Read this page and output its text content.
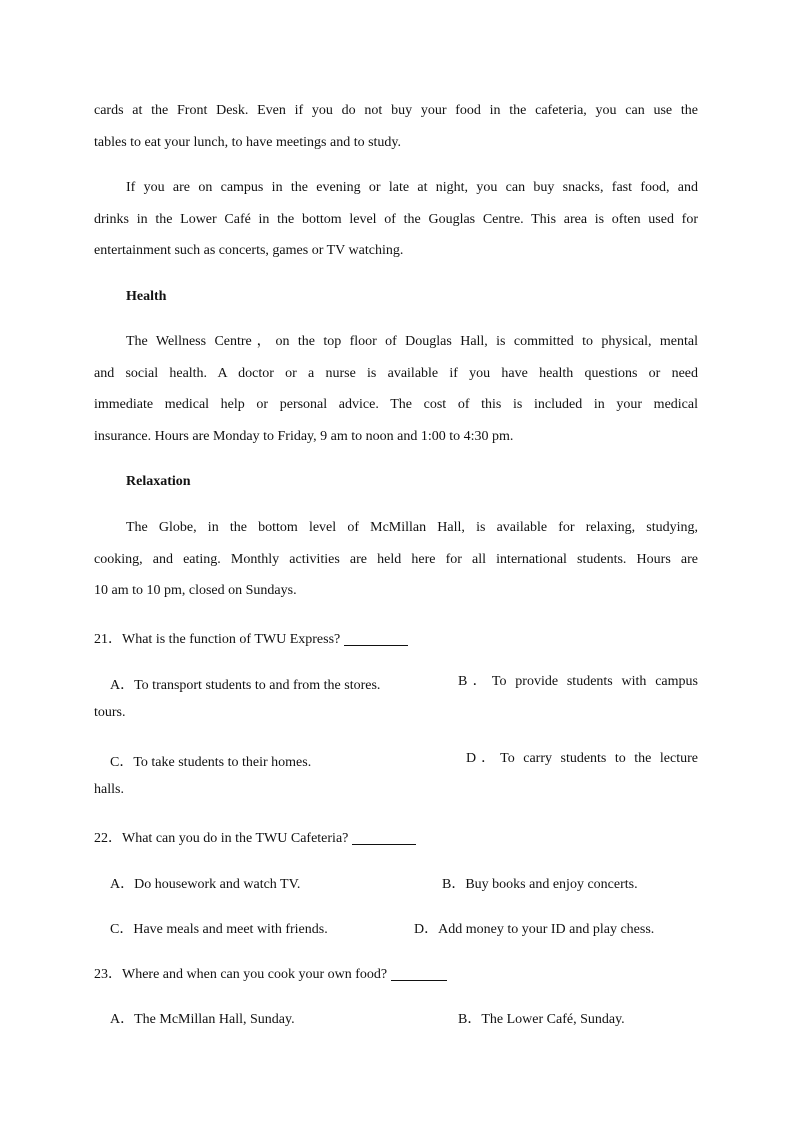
cards at the Front Desk. Even if you do not buy your food in the cafeteria, you can use the
tables to eat your lunch, to have meetings and to study.
If you are on campus in the evening or late at night, you can buy snacks, fast food, and
drinks in the Lower Café in the bottom level of the Gouglas Centre. This area is often used for
entertainment such as concerts, games or TV watching.
Health
The Wellness Centre，on the top floor of Douglas Hall, is committed to physical, mental
and social health. A doctor or a nurse is available if you have health questions or need
immediate medical help or personal advice. The cost of this is included in your medical
insurance. Hours are Monday to Friday, 9 am to noon and 1:00 to 4:30 pm.
Relaxation
The Globe, in the bottom level of McMillan Hall, is available for relaxing, studying,
cooking, and eating. Monthly activities are held here for all international students. Hours are
10 am to 10 pm, closed on Sundays.
21．What is the function of TWU Express?
A．To transport students to and from the stores.	B．To provide students with campus
tours.
C．To take students to their homes.	D．To carry students to the lecture
halls.
22．What can you do in the TWU Cafeteria?
A．Do housework and watch TV.	B．Buy books and enjoy concerts.
C．Have meals and meet with friends.	D．Add money to your ID and play chess.
23．Where and when can you cook your own food?
A．The McMillan Hall, Sunday.	B．The Lower Café, Sunday.
